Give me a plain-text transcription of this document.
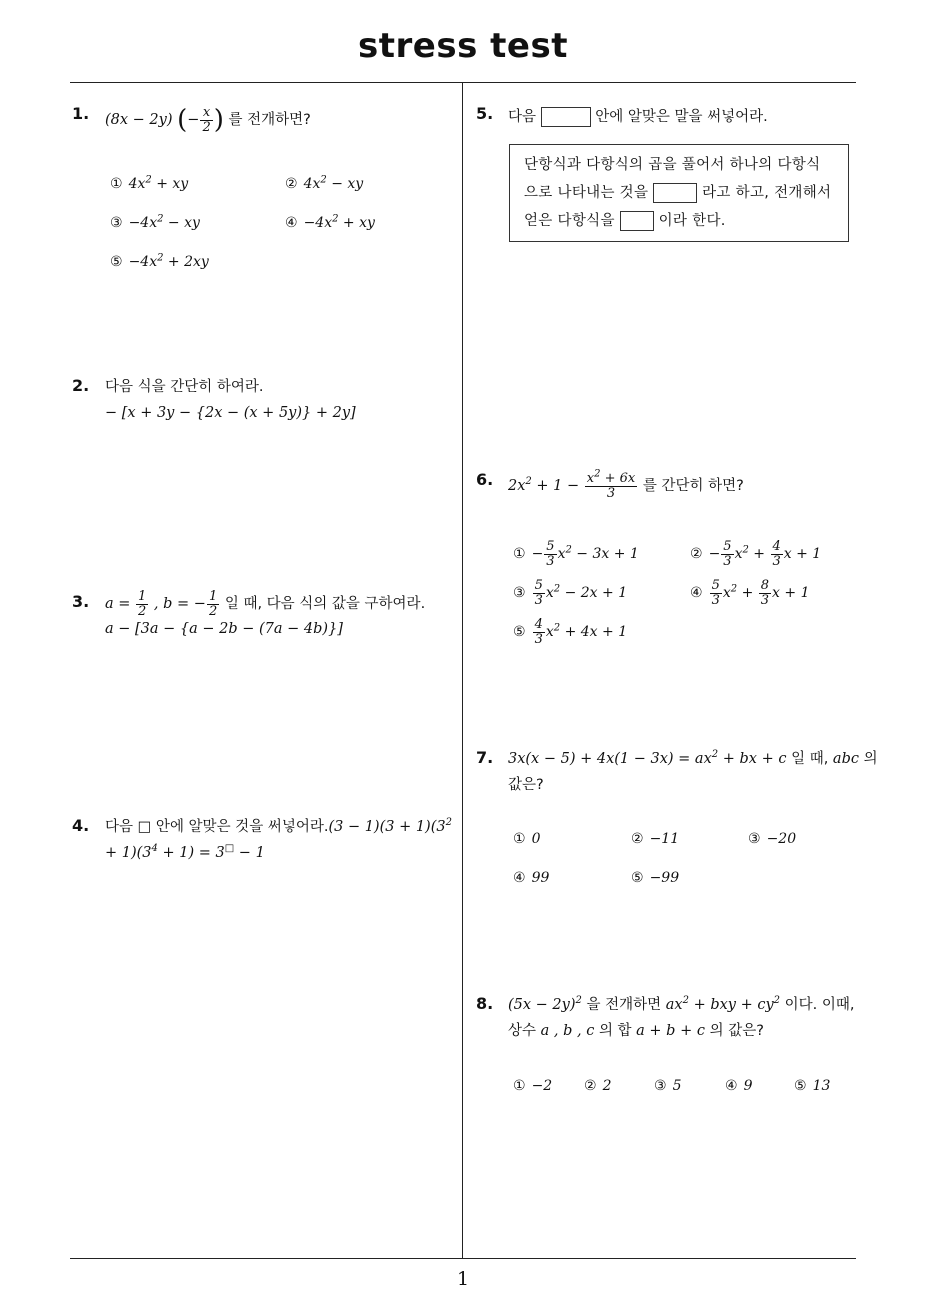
stress test
1
1. (8x − 2y) (− $\frac{x}{2}$ ) 를 전개하면?
① $4x^2$ + xy	② $4x^2$ − xy
③ $-4x^2$ − xy	④ $-4x^2$ + xy
⑤ $-4x^2 + 2xy$
2. 다음 식을 간단히 하여라.
− [x + 3y − {2x − (x + 5y)} + 2y]
3. $a = \frac{1}{2}$ , b = − $\frac{1}{2}$ 일 때, 다음 식의 값을 구하여라.
a − [3a − {a − 2b − (7a − 4b)}]
4. 다음 □ 안에 알맞은 것을 써넣어라$.(3 - 1)(3 + 1)(3^2 + 1)(3^4 + 1) = 3^□ - 1$
5. 다음	안에 알맞은 말을 써넣어라.
단항식과 다항식의 곱을 풀어서 하나의 다항식
으로 나타내는 것을	라고 하고, 전개해서
얻은 다항식을	이라 한다.
6. $2x^2 + 1 - \frac{x^2 + 6x}{3}$ 를 간단히 하면?
① − $\frac{5}{3} x^2 - 3x + 1$	② − $\frac{5}{3} x^2 + \frac{4}{3}$ x + 1
③ $\frac{5}{3} x^2 - 2x + 1$	④ $\frac{5}{3} x^2 + \frac{8}{3}$ x + 1
⑤ $\frac{4}{3} x^2 + 4x + 1$
7. $3x(x - 5) + 4x(1 - 3x) = ax^2$ + bx + c 일 때, abc 의
값은?
① 0	② −11	③ −20
④ 99	⑤ −99
8. $(5x - 2y)^2$ 을 전개하면 $ax^2$ + bxy + $cy^2$ 이다. 이때,
상수 a , b , c 의 합 a + b + c 의 값은?
① −2 ② 2	③ 5	④ 9	⑤ 13
